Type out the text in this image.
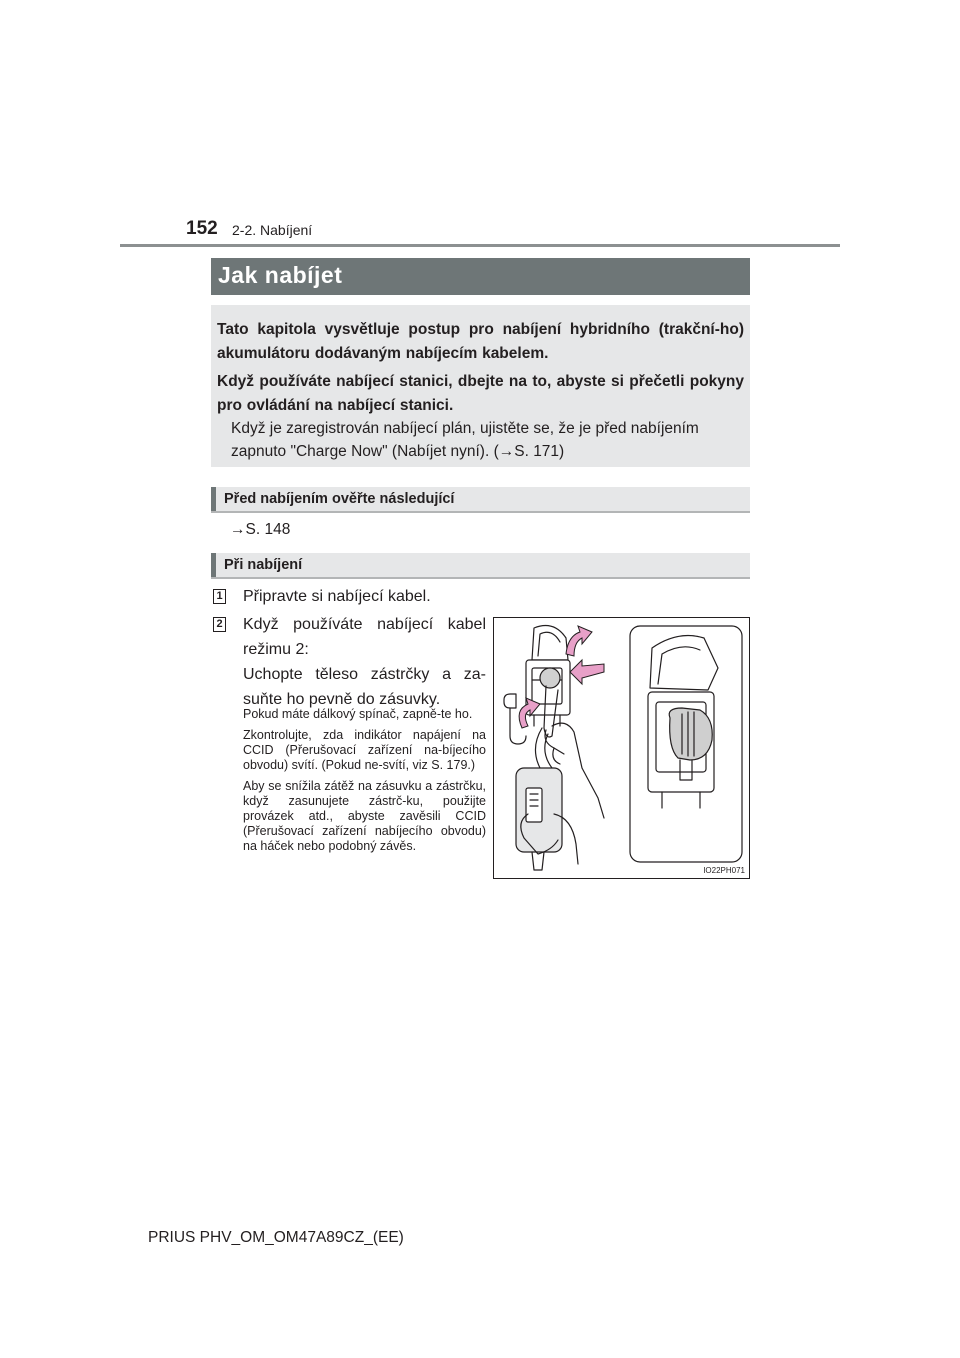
152 2-2. Nabíjení
Jak nabíjet
Tato kapitola vysvětluje postup pro nabíjení hybridního (trakční-ho) akumulátoru dodávaným nabíjecím kabelem.
Když používáte nabíjecí stanici, dbejte na to, abyste si přečetli pokyny pro ovládání na nabíjecí stanici.
Když je zaregistrován nabíjecí plán, ujistěte se, že je před nabíjením
zapnuto "Charge Now" (Nabíjet nyní). (→S. 171)
Před nabíjením ověřte následující
→S. 148
Při nabíjení
1 Připravte si nabíjecí kabel.
2 Když používáte nabíjecí kabel režimu 2:
Uchopte těleso zástrčky a za-suňte ho pevně do zásuvky.

Pokud máte dálkový spínač, zapně-te ho.

Zkontrolujte, zda indikátor napájení na CCID (Přerušovací zařízení na-bíjecího obvodu) svítí. (Pokud ne-svítí, viz S. 179.)

Aby se snížila zátěž na zásuvku a zástrčku, když zasunujete zástrč-ku, použijte provázek atd., abyste zavěsili CCID (Přerušovací zařízení nabíjecího obvodu) na háček nebo podobný závěs.

IO22PH071
PRIUS PHV_OM_OM47A89CZ_(EE)
